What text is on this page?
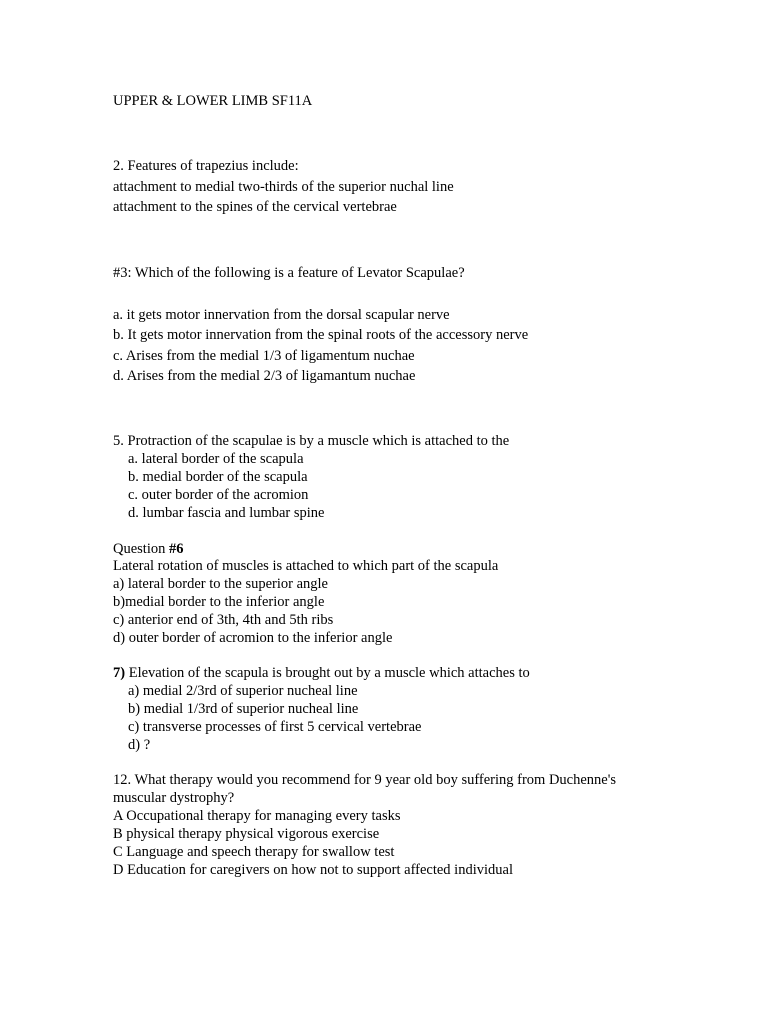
UPPER & LOWER LIMB SF11A
2. Features of trapezius include:
attachment to medial two-thirds of the superior nuchal line
attachment to the spines of the cervical vertebrae
#3: Which of the following is a feature of Levator Scapulae?
a. it gets motor innervation from the dorsal scapular nerve
b. It gets motor innervation from the spinal roots of the accessory nerve
c. Arises from the medial 1/3 of ligamentum nuchae
d. Arises from the medial 2/3 of ligamantum nuchae
5. Protraction of the scapulae is by a muscle which is attached to the
a. lateral border of the scapula
b. medial border of the scapula
c. outer border of the acromion
d. lumbar fascia and lumbar spine
Question #6
Lateral rotation of muscles is attached to which part of the scapula
a) lateral border to the superior angle
b)medial border to the inferior angle
c) anterior end of 3th, 4th and 5th ribs
d) outer border of acromion to the inferior angle
7) Elevation of the scapula is brought out by a muscle which attaches to
a) medial 2/3rd of superior nucheal line
b) medial 1/3rd of superior nucheal line
c) transverse processes of first 5 cervical vertebrae
d) ?
12. What therapy would you recommend for 9 year old boy suffering from Duchenne's
muscular dystrophy?
A Occupational therapy for managing every tasks
B physical therapy physical vigorous exercise
C Language and speech therapy for swallow test
D Education for caregivers on how not to support affected individual
